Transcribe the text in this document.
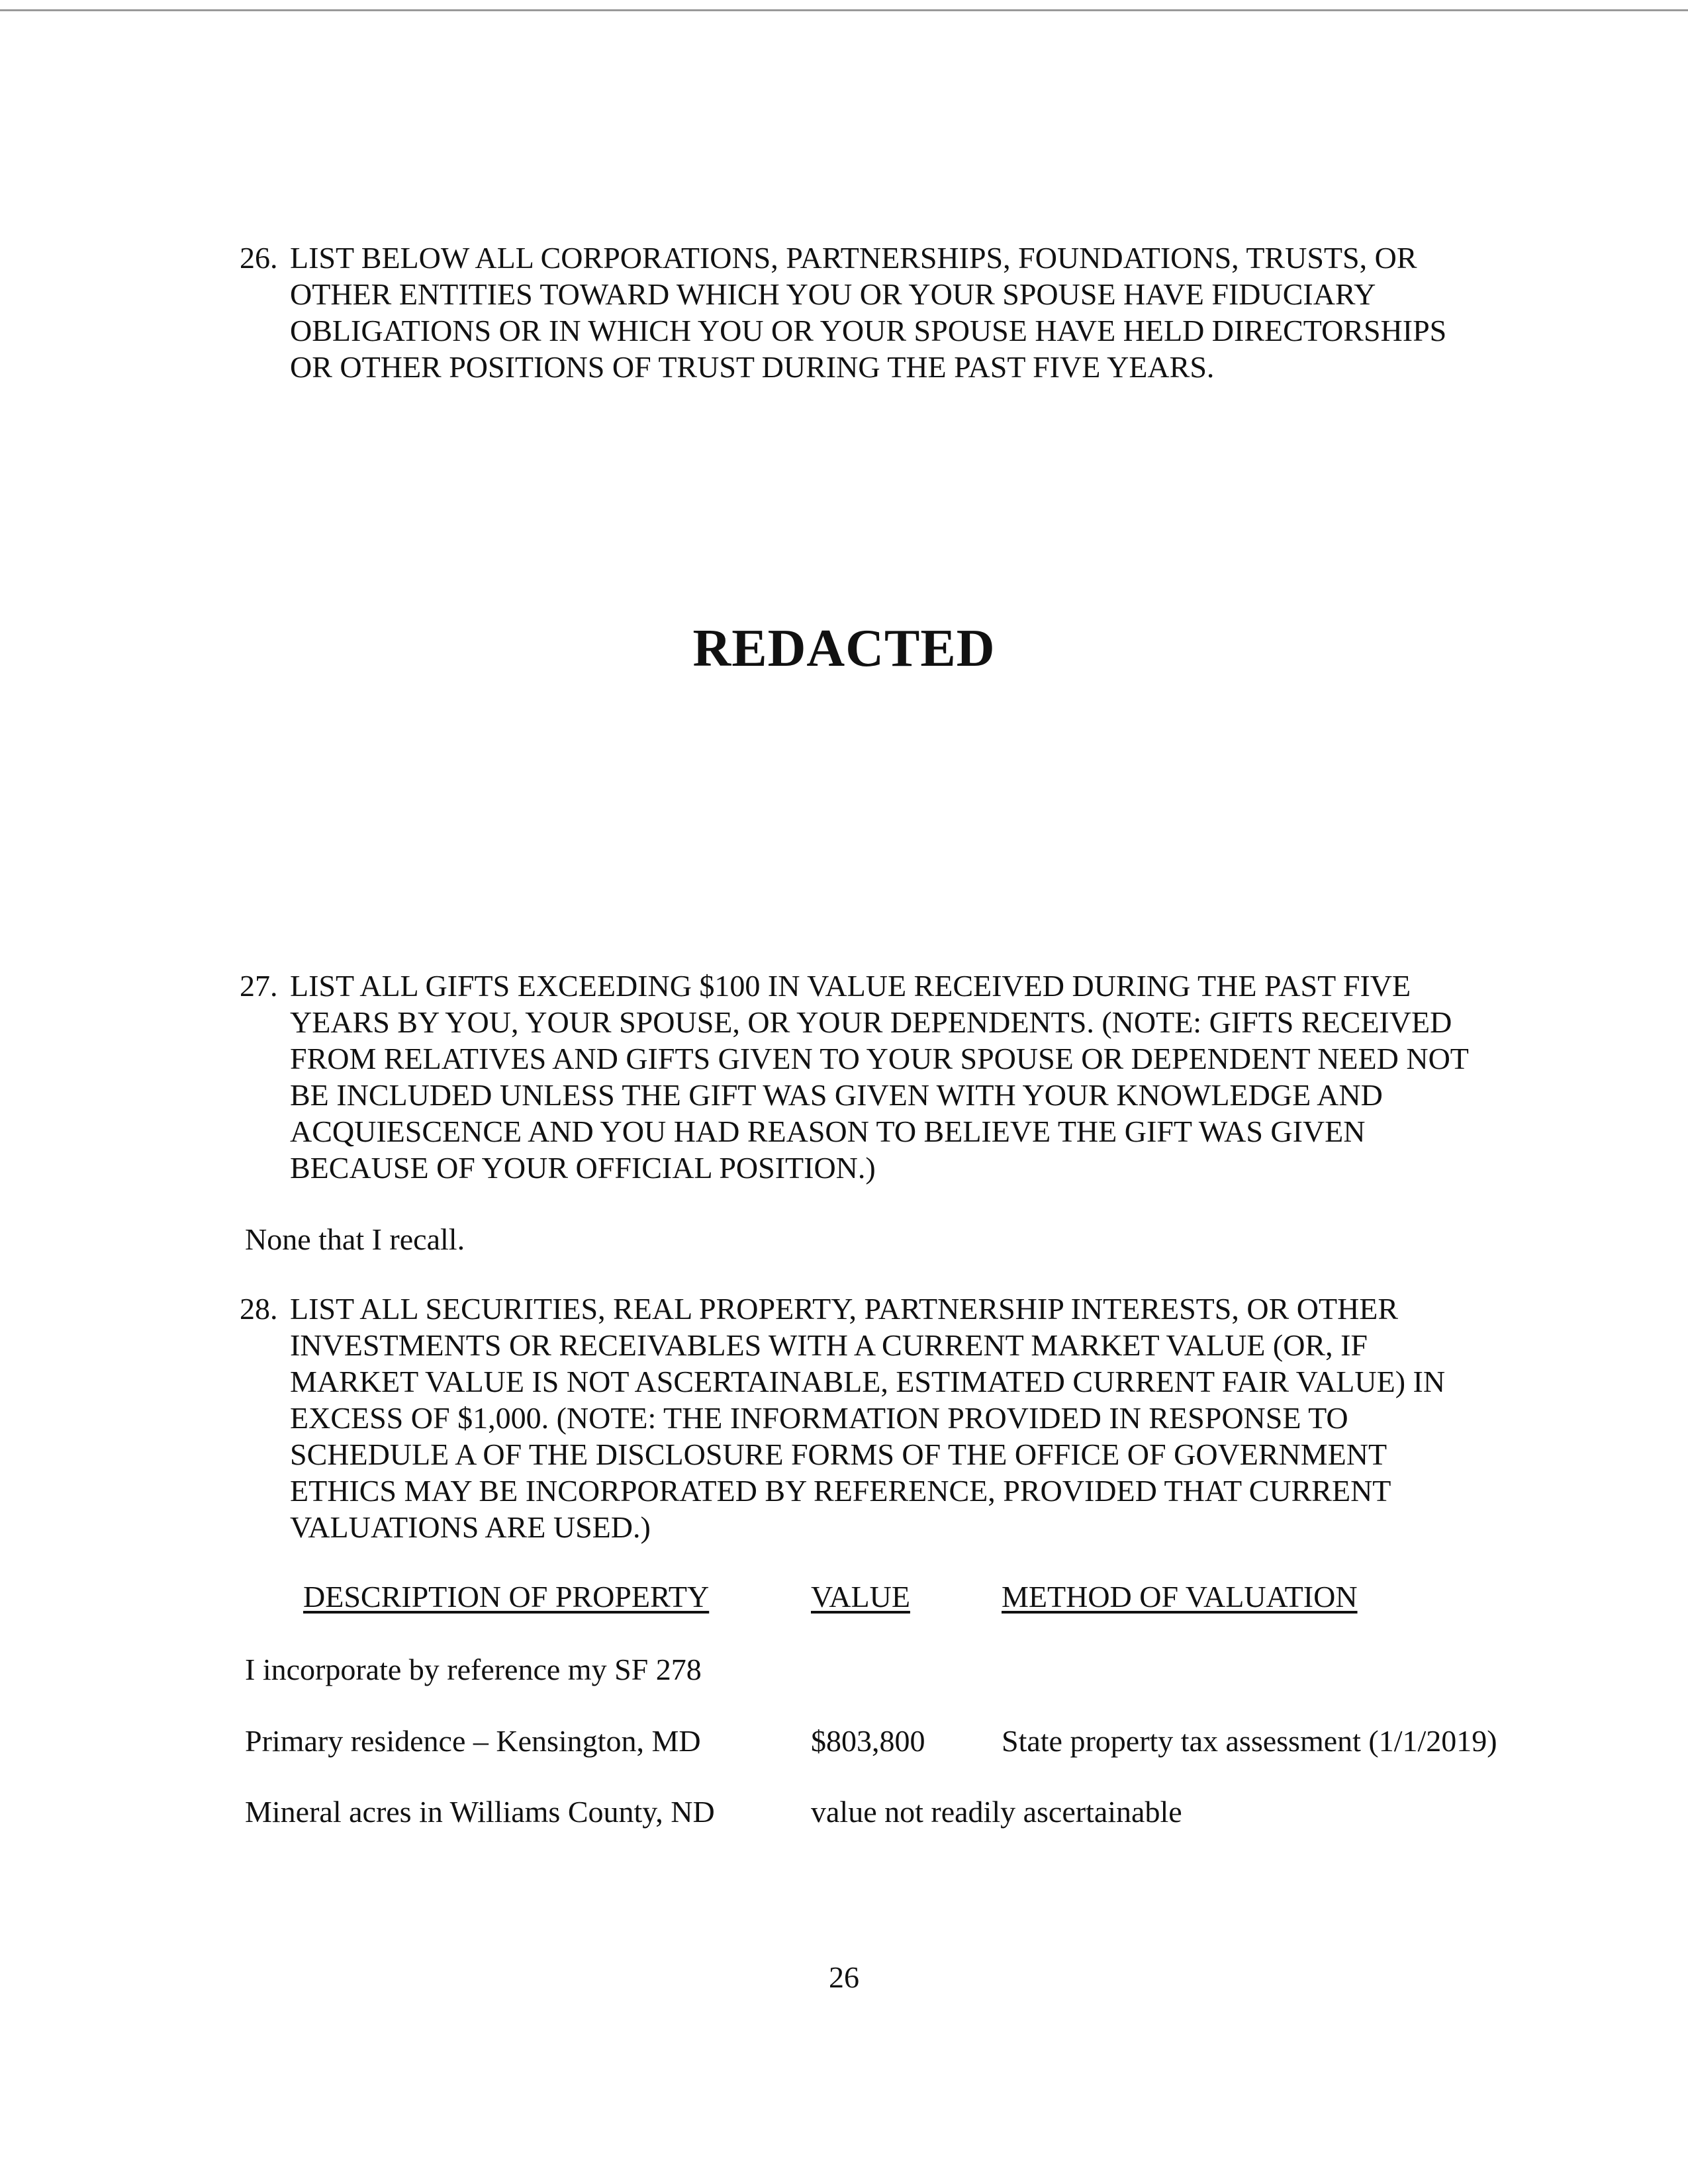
26. LIST BELOW ALL CORPORATIONS, PARTNERSHIPS, FOUNDATIONS, TRUSTS, OR
OTHER ENTITIES TOWARD WHICH YOU OR YOUR SPOUSE HAVE FIDUCIARY
OBLIGATIONS OR IN WHICH YOU OR YOUR SPOUSE HAVE HELD DIRECTORSHIPS
OR OTHER POSITIONS OF TRUST DURING THE PAST FIVE YEARS.
REDACTED
27. LIST ALL GIFTS EXCEEDING $100 IN VALUE RECEIVED DURING THE PAST FIVE
YEARS BY YOU, YOUR SPOUSE, OR YOUR DEPENDENTS. (NOTE: GIFTS RECEIVED
FROM RELATIVES AND GIFTS GIVEN TO YOUR SPOUSE OR DEPENDENT NEED NOT
BE INCLUDED UNLESS THE GIFT WAS GIVEN WITH YOUR KNOWLEDGE AND
ACQUIESCENCE AND YOU HAD REASON TO BELIEVE THE GIFT WAS GIVEN
BECAUSE OF YOUR OFFICIAL POSITION.)
None that I recall.
28. LIST ALL SECURITIES, REAL PROPERTY, PARTNERSHIP INTERESTS, OR OTHER
INVESTMENTS OR RECEIVABLES WITH A CURRENT MARKET VALUE (OR, IF
MARKET VALUE IS NOT ASCERTAINABLE, ESTIMATED CURRENT FAIR VALUE) IN
EXCESS OF $1,000. (NOTE: THE INFORMATION PROVIDED IN RESPONSE TO
SCHEDULE A OF THE DISCLOSURE FORMS OF THE OFFICE OF GOVERNMENT
ETHICS MAY BE INCORPORATED BY REFERENCE, PROVIDED THAT CURRENT
VALUATIONS ARE USED.)
DESCRIPTION OF PROPERTY	VALUE	METHOD OF VALUATION
I incorporate by reference my SF 278
Primary residence – Kensington, MD	$803,800	State property tax assessment (1/1/2019)
Mineral acres in Williams County, ND	value not readily ascertainable
26
